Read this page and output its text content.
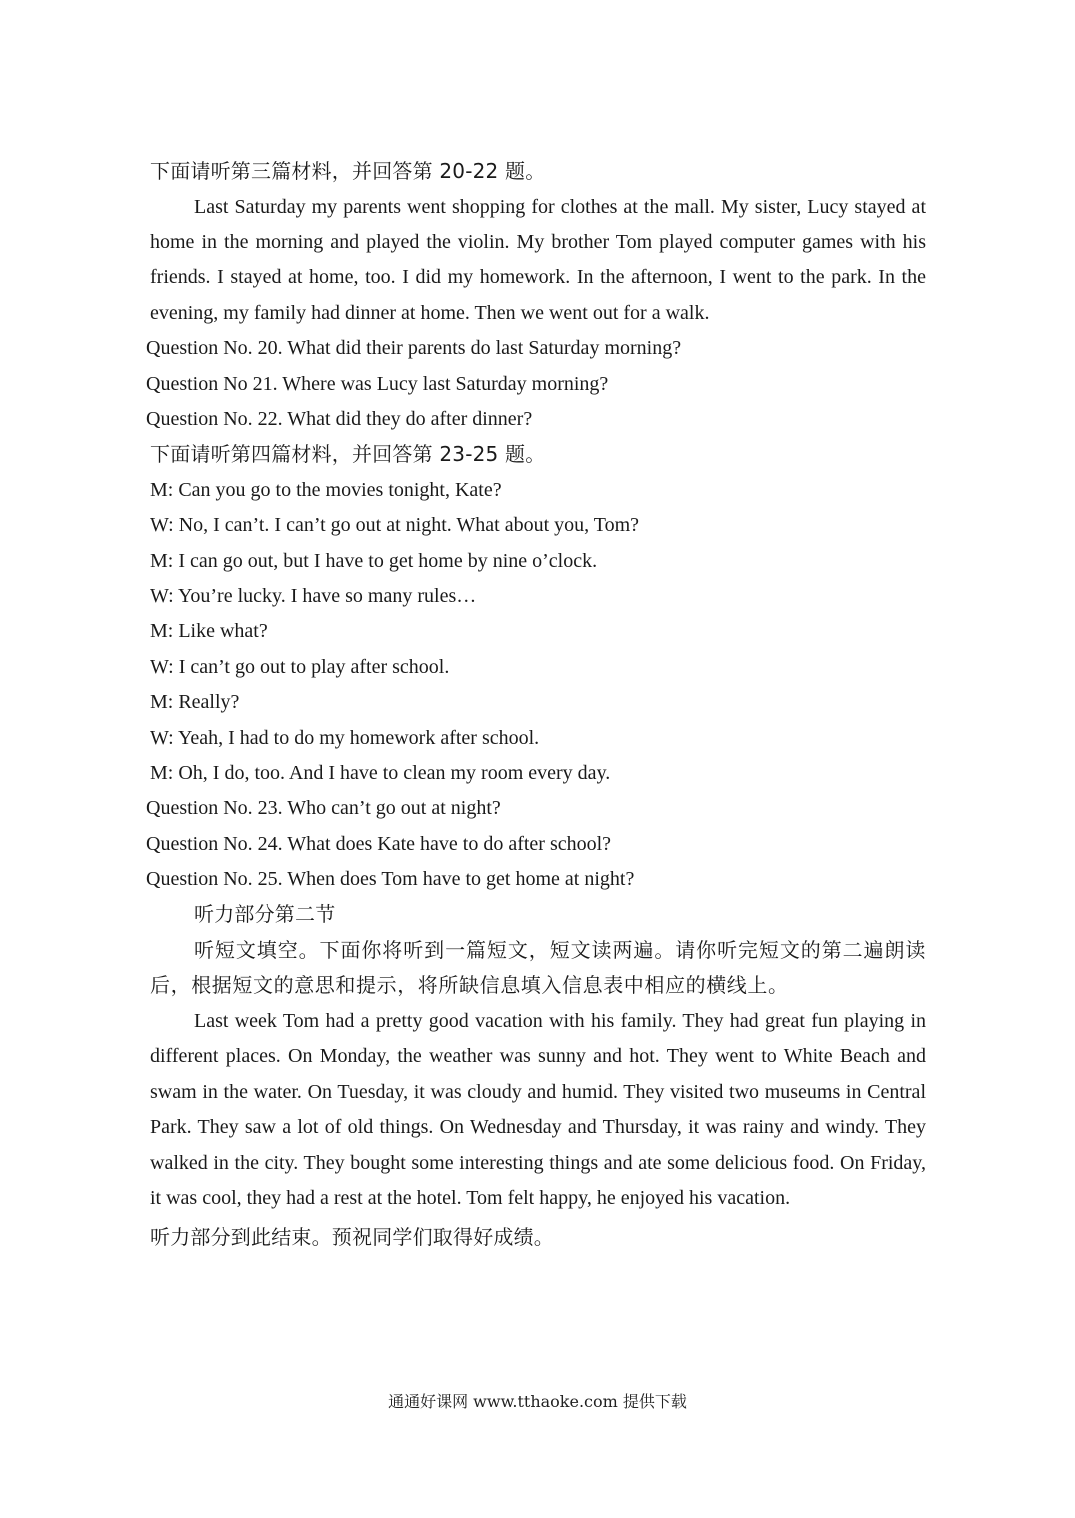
下面请听第三篇材料，并回答第 20-22 题。

Last Saturday my parents went shopping for clothes at the mall. My sister, Lucy stayed at home in the morning and played the violin. My brother Tom played computer games with his friends. I stayed at home, too. I did my homework. In the afternoon, I went to the park. In the evening, my family had dinner at home. Then we went out for a walk.

Question No. 20. What did their parents do last Saturday morning?
Question No 21. Where was Lucy last Saturday morning?
Question No. 22. What did they do after dinner?
下面请听第四篇材料，并回答第 23-25 题。
M: Can you go to the movies tonight, Kate?
W: No, I can’t. I can’t go out at night. What about you, Tom?
M: I can go out, but I have to get home by nine o’clock.
W: You’re lucky. I have so many rules…
M: Like what?
W: I can’t go out to play after school.
M: Really?
W: Yeah, I had to do my homework after school.
M: Oh, I do, too. And I have to clean my room every day.
Question No. 23. Who can’t go out at night?
Question No. 24. What does Kate have to do after school?
Question No. 25. When does Tom have to get home at night?
听力部分第二节

听短文填空。下面你将听到一篇短文，短文读两遍。请你听完短文的第二遍朗读后，根据短文的意思和提示，将所缺信息填入信息表中相应的横线上。

Last week Tom had a pretty good vacation with his family. They had great fun playing in different places. On Monday, the weather was sunny and hot. They went to White Beach and swam in the water. On Tuesday, it was cloudy and humid. They visited two museums in Central Park. They saw a lot of old things. On Wednesday and Thursday, it was rainy and windy. They walked in the city. They bought some interesting things and ate some delicious food. On Friday, it was cool, they had a rest at the hotel. Tom felt happy, he enjoyed his vacation.

听力部分到此结束。预祝同学们取得好成绩。
通通好课网 www.tthaoke.com 提供下载
